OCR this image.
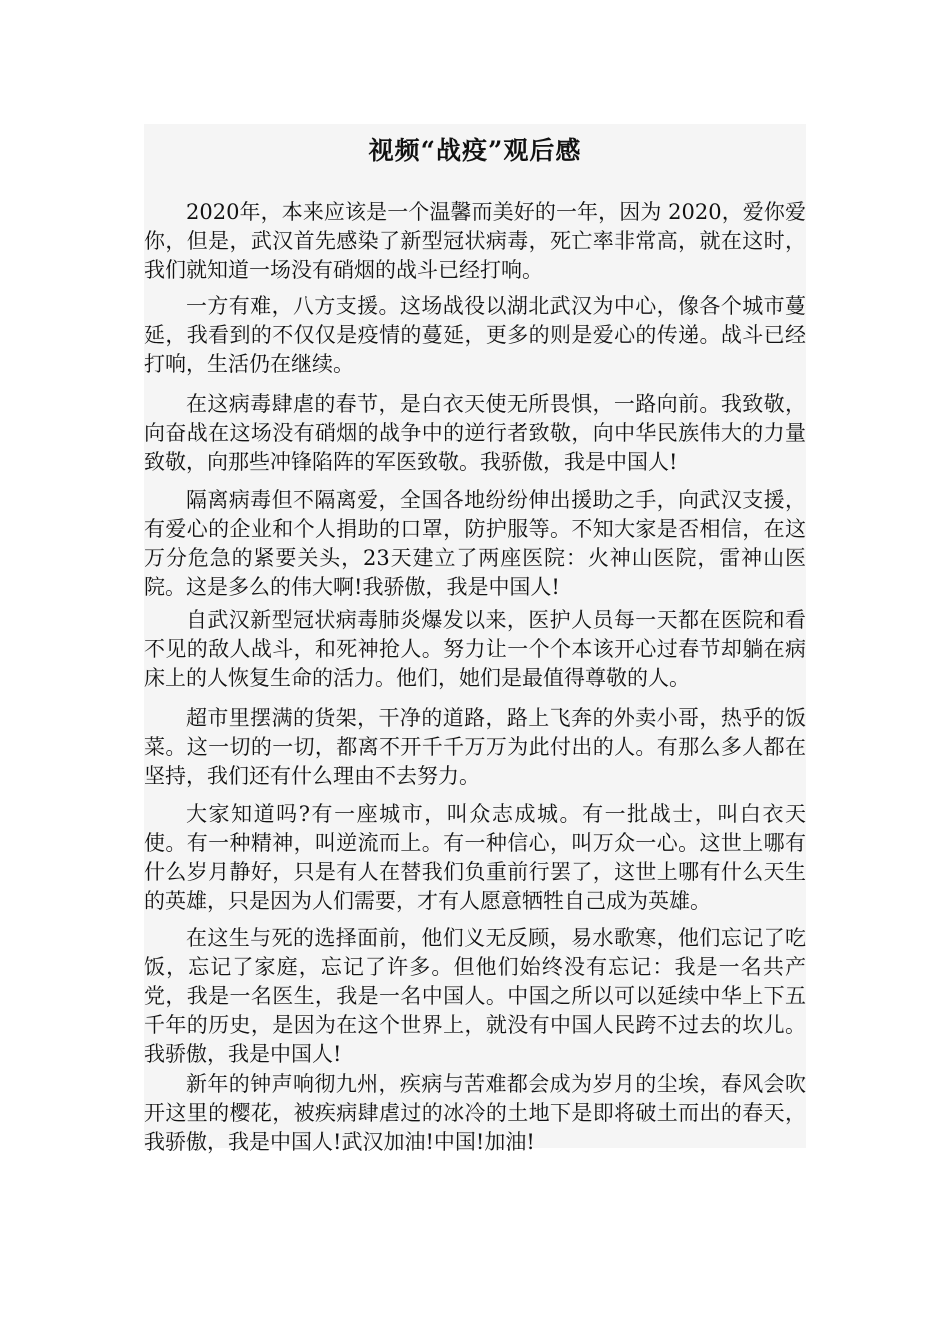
视频“战疫”观后感

2020年，本来应该是一个温馨而美好的一年，因为 2020，爱你爱你，但是，武汉首先感染了新型冠状病毒，死亡率非常高，就在这时，我们就知道一场没有硝烟的战斗已经打响。

一方有难，八方支援。这场战役以湖北武汉为中心，像各个城市蔓延，我看到的不仅仅是疫情的蔓延，更多的则是爱心的传递。战斗已经打响，生活仍在继续。

在这病毒肆虐的春节，是白衣天使无所畏惧，一路向前。我致敬，向奋战在这场没有硝烟的战争中的逆行者致敬，向中华民族伟大的力量致敬，向那些冲锋陷阵的军医致敬。我骄傲，我是中国人!

隔离病毒但不隔离爱，全国各地纷纷伸出援助之手，向武汉支援，有爱心的企业和个人捐助的口罩，防护服等。不知大家是否相信，在这万分危急的紧要关头，23天建立了两座医院：火神山医院，雷神山医院。这是多么的伟大啊!我骄傲，我是中国人!

自武汉新型冠状病毒肺炎爆发以来，医护人员每一天都在医院和看不见的敌人战斗，和死神抢人。努力让一个个本该开心过春节却躺在病床上的人恢复生命的活力。他们，她们是最值得尊敬的人。

超市里摆满的货架，干净的道路，路上飞奔的外卖小哥，热乎的饭菜。这一切的一切，都离不开千千万万为此付出的人。有那么多人都在坚持，我们还有什么理由不去努力。

大家知道吗?有一座城市，叫众志成城。有一批战士，叫白衣天使。有一种精神，叫逆流而上。有一种信心，叫万众一心。这世上哪有什么岁月静好，只是有人在替我们负重前行罢了，这世上哪有什么天生的英雄，只是因为人们需要，才有人愿意牺牲自己成为英雄。

在这生与死的选择面前，他们义无反顾，易水歌寒，他们忘记了吃饭，忘记了家庭，忘记了许多。但他们始终没有忘记：我是一名共产党，我是一名医生，我是一名中国人。中国之所以可以延续中华上下五千年的历史，是因为在这个世界上，就没有中国人民跨不过去的坎儿。我骄傲，我是中国人!

新年的钟声响彻九州，疾病与苦难都会成为岁月的尘埃，春风会吹开这里的樱花，被疾病肆虐过的冰冷的土地下是即将破土而出的春天，我骄傲，我是中国人!武汉加油!中国!加油!
